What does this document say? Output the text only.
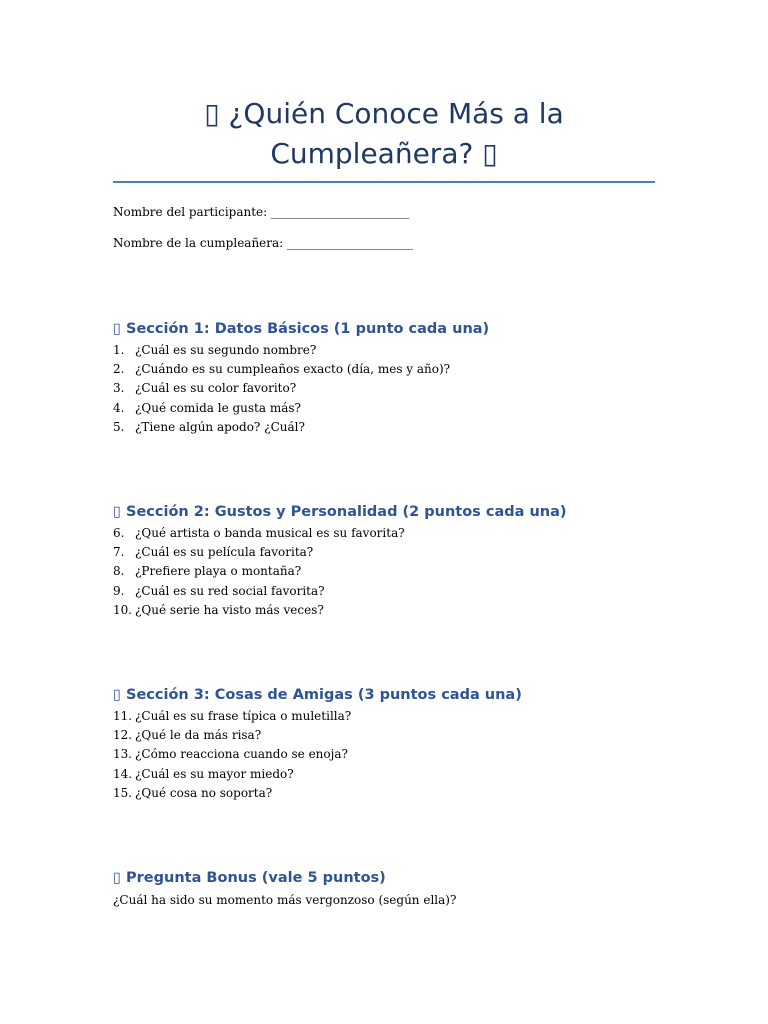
▯ ¿Quién Conoce Más a la
Cumpleañera? ▯

Nombre del participante: _______________________

Nombre de la cumpleañera: _____________________

▯ Sección 1: Datos Básicos (1 punto cada una)
1. ¿Cuál es su segundo nombre?
2. ¿Cuándo es su cumpleaños exacto (día, mes y año)?
3. ¿Cuál es su color favorito?
4. ¿Qué comida le gusta más?
5. ¿Tiene algún apodo? ¿Cuál?
▯ Sección 2: Gustos y Personalidad (2 puntos cada una)
6. ¿Qué artista o banda musical es su favorita?
7. ¿Cuál es su película favorita?
8. ¿Prefiere playa o montaña?
9. ¿Cuál es su red social favorita?
10. ¿Qué serie ha visto más veces?
▯ Sección 3: Cosas de Amigas (3 puntos cada una)
11. ¿Cuál es su frase típica o muletilla?
12. ¿Qué le da más risa?
13. ¿Cómo reacciona cuando se enoja?
14. ¿Cuál es su mayor miedo?
15. ¿Qué cosa no soporta?
▯ Pregunta Bonus (vale 5 puntos)

¿Cuál ha sido su momento más vergonzoso (según ella)?
